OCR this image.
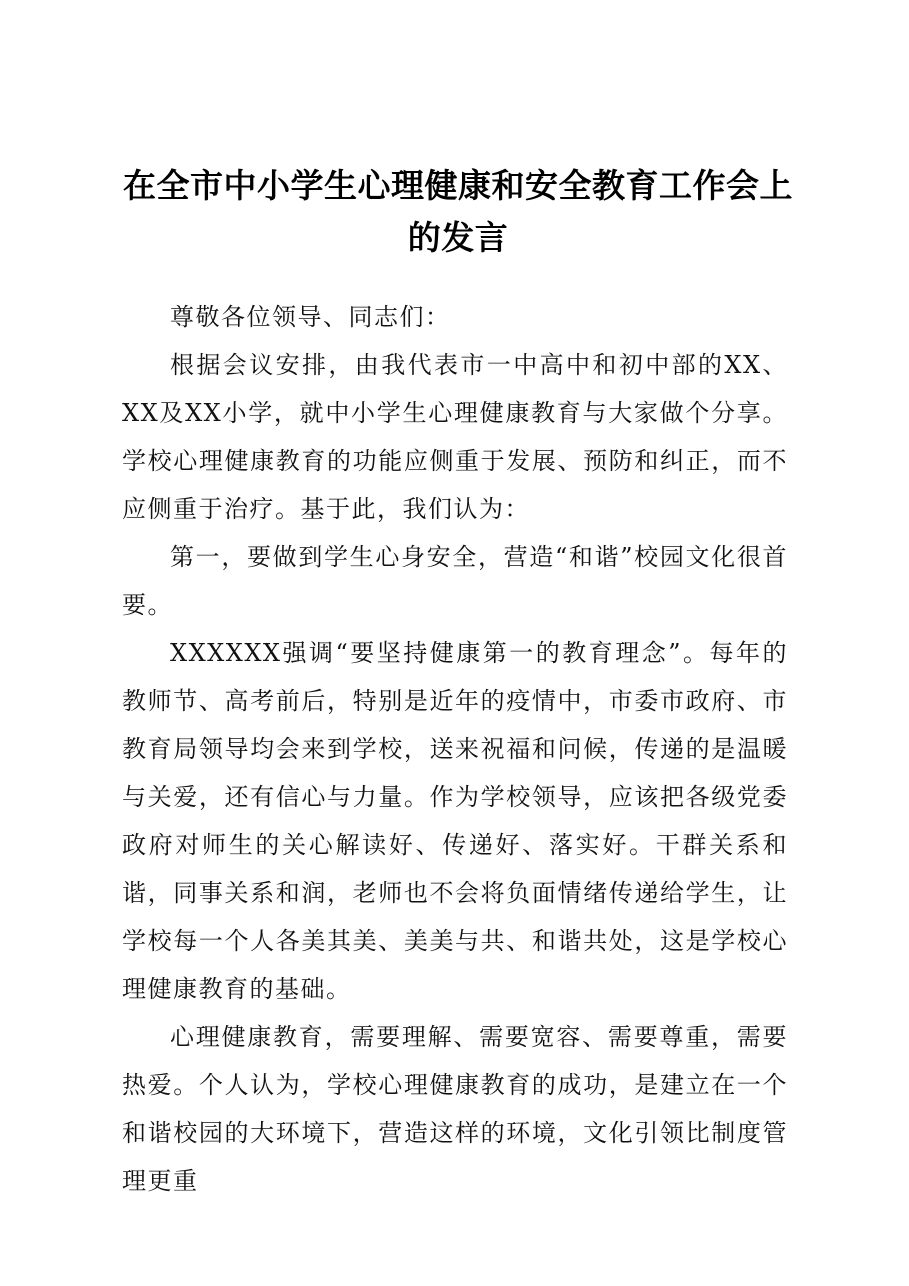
在全市中小学生心理健康和安全教育工作会上的发言

尊敬各位领导、同志们：

根据会议安排，由我代表市一中高中和初中部的XX、XX及XX小学，就中小学生心理健康教育与大家做个分享。学校心理健康教育的功能应侧重于发展、预防和纠正，而不应侧重于治疗。基于此，我们认为：

第一，要做到学生心身安全，营造“和谐”校园文化很首要。

XXXXXX强调“要坚持健康第一的教育理念”。每年的教师节、高考前后，特别是近年的疫情中，市委市政府、市教育局领导均会来到学校，送来祝福和问候，传递的是温暖与关爱，还有信心与力量。作为学校领导，应该把各级党委政府对师生的关心解读好、传递好、落实好。干群关系和谐，同事关系和润，老师也不会将负面情绪传递给学生，让学校每一个人各美其美、美美与共、和谐共处，这是学校心理健康教育的基础。

心理健康教育，需要理解、需要宽容、需要尊重，需要热爱。个人认为，学校心理健康教育的成功，是建立在一个和谐校园的大环境下，营造这样的环境，文化引领比制度管理更重
